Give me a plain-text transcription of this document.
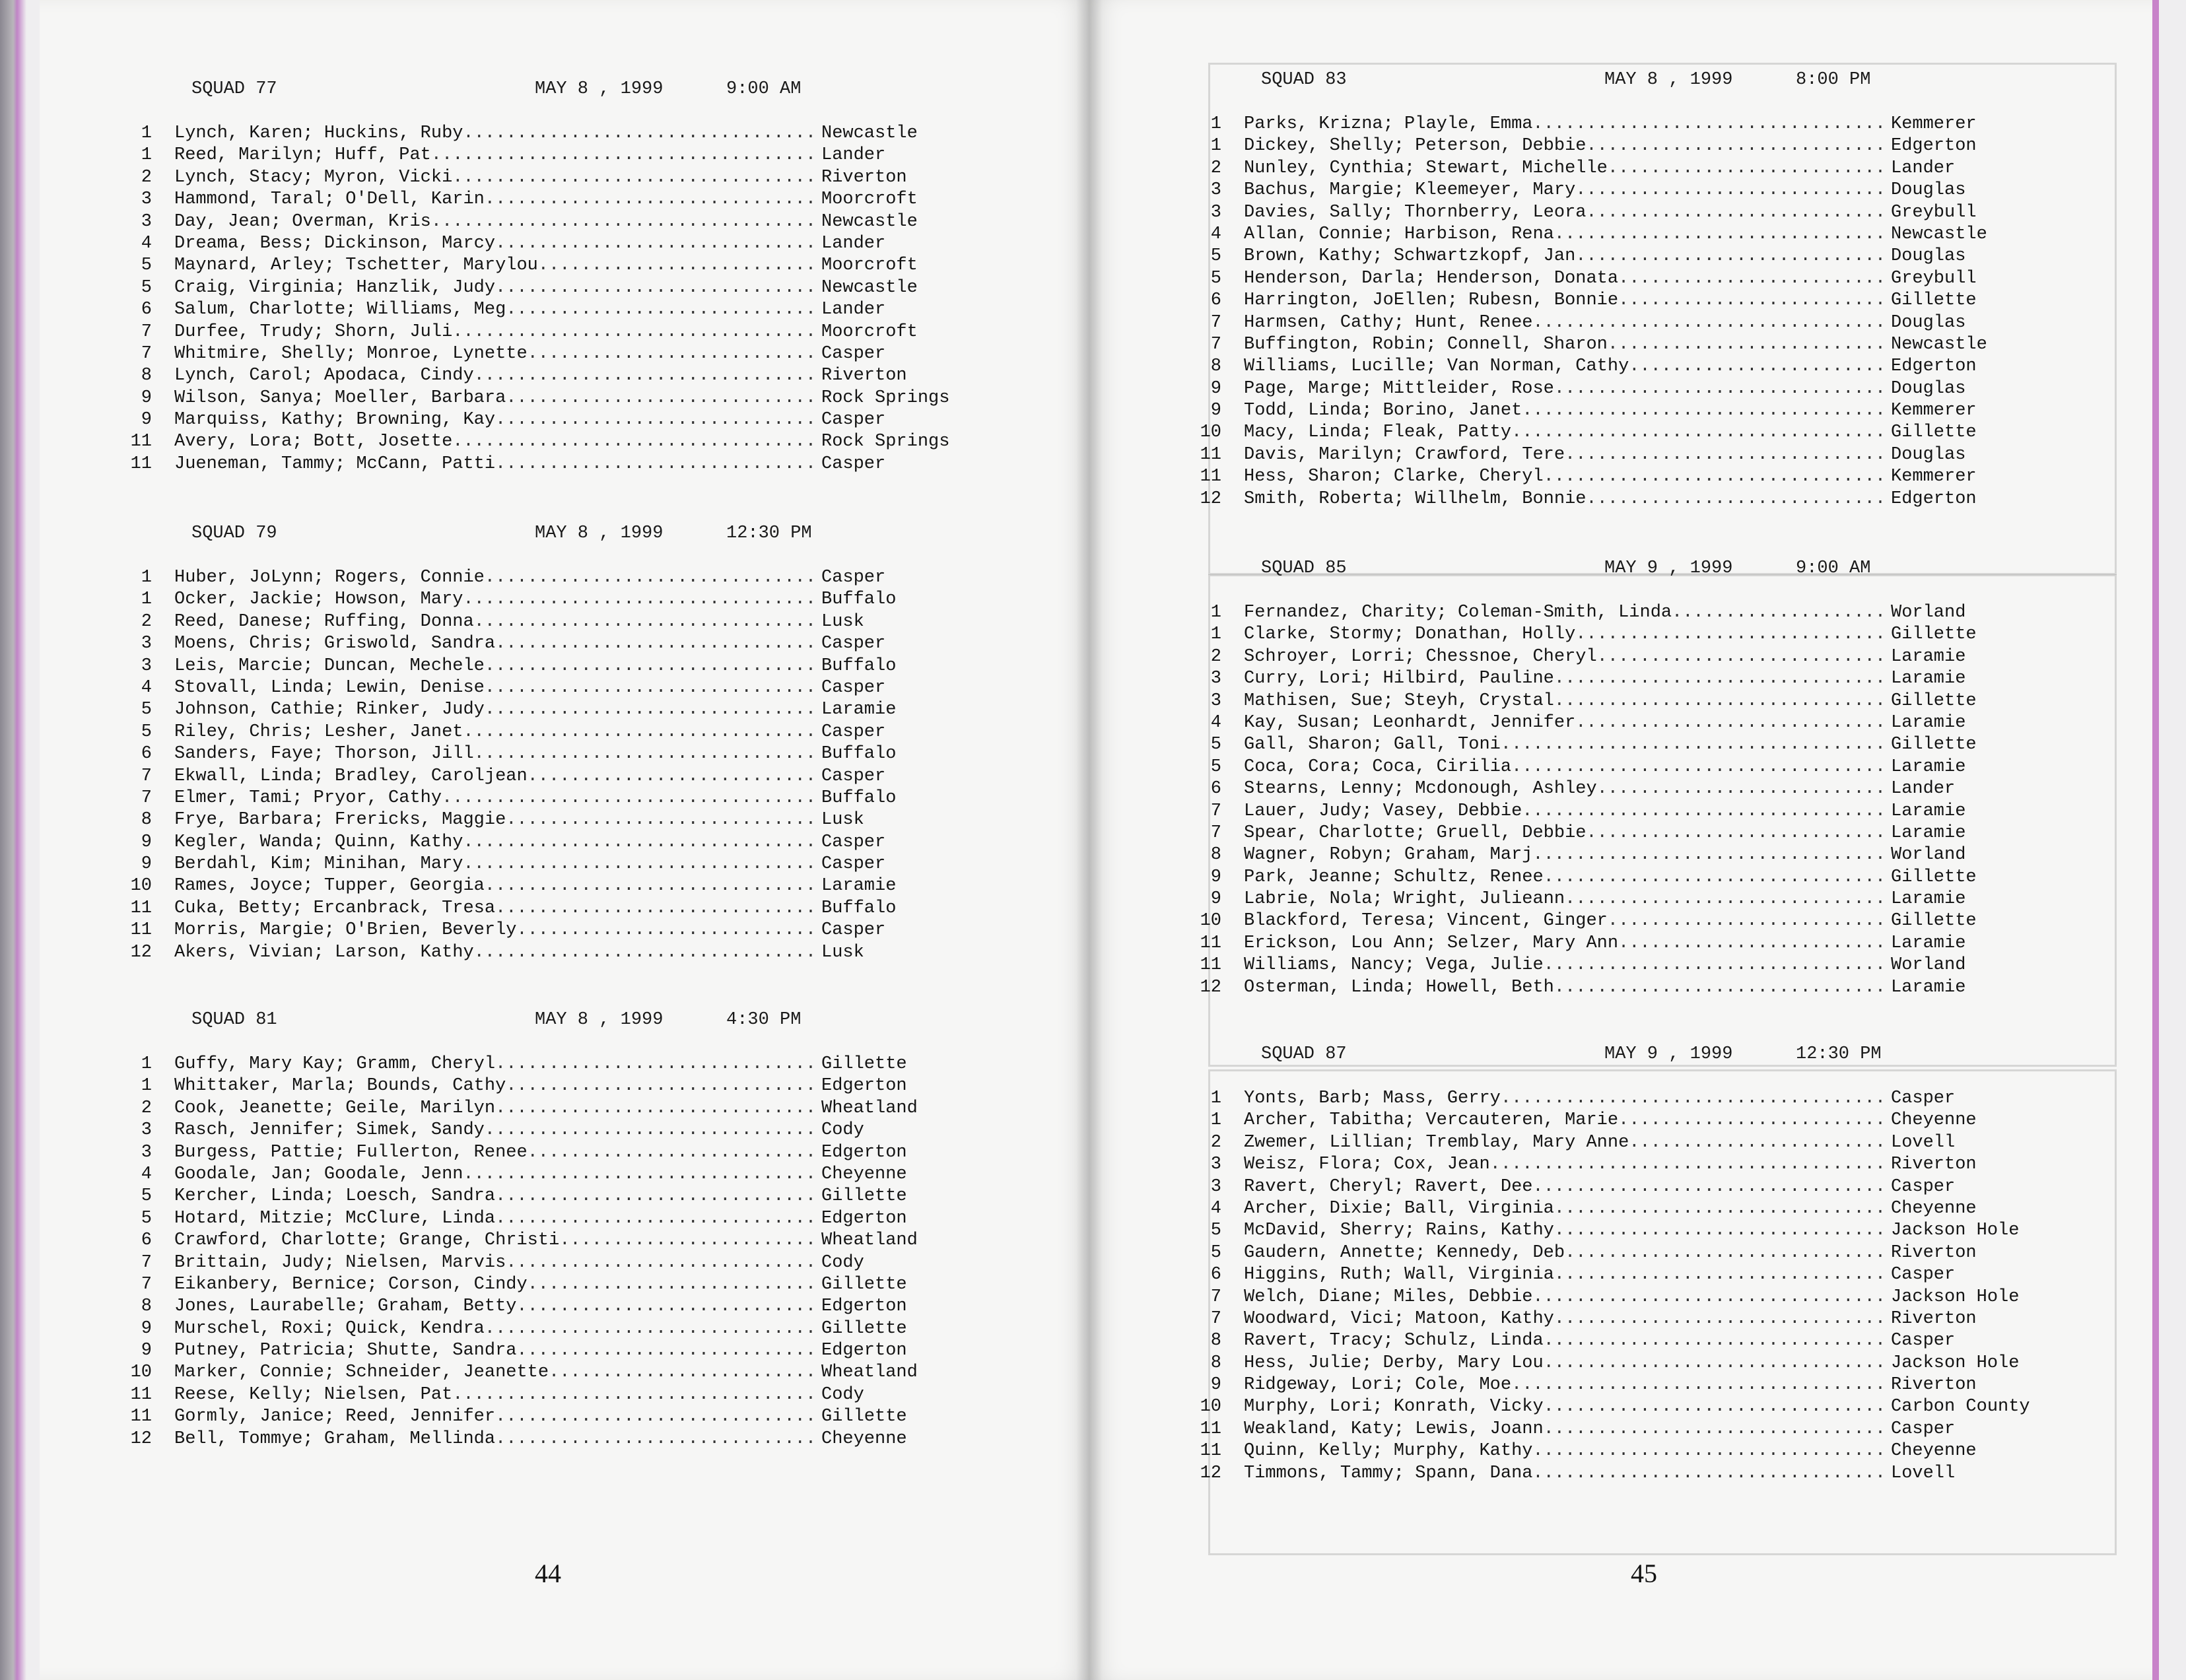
SQUAD 77	MAY 8 , 1999	9:00 AM
1 Lynch, Karen; Huckins, Ruby ................................. Newcastle
1 Reed, Marilyn; Huff, Pat .................................... Lander
2 Lynch, Stacy; Myron, Vicki .................................. Riverton
3 Hammond, Taral; O'Dell, Karin ............................... Moorcroft
3 Day, Jean; Overman, Kris .................................... Newcastle
4 Dreama, Bess; Dickinson, Marcy .............................. Lander
5 Maynard, Arley; Tschetter, Marylou .......................... Moorcroft
5 Craig, Virginia; Hanzlik, Judy .............................. Newcastle
6 Salum, Charlotte; Williams, Meg ............................. Lander
7 Durfee, Trudy; Shorn, Juli .................................. Moorcroft
7 Whitmire, Shelly; Monroe, Lynette ........................... Casper
8 Lynch, Carol; Apodaca, Cindy ................................ Riverton
9 Wilson, Sanya; Moeller, Barbara ............................. Rock Springs
9 Marquiss, Kathy; Browning, Kay .............................. Casper
11 Avery, Lora; Bott, Josette .................................. Rock Springs
11 Jueneman, Tammy; McCann, Patti .............................. Casper
SQUAD 79	MAY 8 , 1999	12:30 PM
1 Huber, JoLynn; Rogers, Connie ............................... Casper
1 Ocker, Jackie; Howson, Mary ................................. Buffalo
2 Reed, Danese; Ruffing, Donna ................................ Lusk
3 Moens, Chris; Griswold, Sandra .............................. Casper
3 Leis, Marcie; Duncan, Mechele ............................... Buffalo
4 Stovall, Linda; Lewin, Denise ............................... Casper
5 Johnson, Cathie; Rinker, Judy ............................... Laramie
5 Riley, Chris; Lesher, Janet ................................. Casper
6 Sanders, Faye; Thorson, Jill ................................ Buffalo
7 Ekwall, Linda; Bradley, Caroljean ........................... Casper
7 Elmer, Tami; Pryor, Cathy ................................... Buffalo
8 Frye, Barbara; Frericks, Maggie ............................. Lusk
9 Kegler, Wanda; Quinn, Kathy ................................. Casper
9 Berdahl, Kim; Minihan, Mary ................................. Casper
10 Rames, Joyce; Tupper, Georgia ............................... Laramie
11 Cuka, Betty; Ercanbrack, Tresa .............................. Buffalo
11 Morris, Margie; O'Brien, Beverly ............................ Casper
12 Akers, Vivian; Larson, Kathy ................................ Lusk
SQUAD 81	MAY 8 , 1999	4:30 PM
1 Guffy, Mary Kay; Gramm, Cheryl .............................. Gillette
1 Whittaker, Marla; Bounds, Cathy ............................. Edgerton
2 Cook, Jeanette; Geile, Marilyn .............................. Wheatland
3 Rasch, Jennifer; Simek, Sandy ............................... Cody
3 Burgess, Pattie; Fullerton, Renee ........................... Edgerton
4 Goodale, Jan; Goodale, Jenn ................................. Cheyenne
5 Kercher, Linda; Loesch, Sandra .............................. Gillette
5 Hotard, Mitzie; McClure, Linda .............................. Edgerton
6 Crawford, Charlotte; Grange, Christi ........................ Wheatland
7 Brittain, Judy; Nielsen, Marvis ............................. Cody
7 Eikanbery, Bernice; Corson, Cindy ........................... Gillette
8 Jones, Laurabelle; Graham, Betty ............................ Edgerton
9 Murschel, Roxi; Quick, Kendra ............................... Gillette
9 Putney, Patricia; Shutte, Sandra ............................ Edgerton
10 Marker, Connie; Schneider, Jeanette ......................... Wheatland
11 Reese, Kelly; Nielsen, Pat .................................. Cody
11 Gormly, Janice; Reed, Jennifer .............................. Gillette
12 Bell, Tommye; Graham, Mellinda .............................. Cheyenne
44
SQUAD 83	MAY 8 , 1999	8:00 PM
1 Parks, Krizna; Playle, Emma ................................. Kemmerer
1 Dickey, Shelly; Peterson, Debbie ............................ Edgerton
2 Nunley, Cynthia; Stewart, Michelle .......................... Lander
3 Bachus, Margie; Kleemeyer, Mary ............................. Douglas
3 Davies, Sally; Thornberry, Leora ............................ Greybull
4 Allan, Connie; Harbison, Rena ............................... Newcastle
5 Brown, Kathy; Schwartzkopf, Jan ............................. Douglas
5 Henderson, Darla; Henderson, Donata ......................... Greybull
6 Harrington, JoEllen; Rubesn, Bonnie ......................... Gillette
7 Harmsen, Cathy; Hunt, Renee ................................. Douglas
7 Buffington, Robin; Connell, Sharon .......................... Newcastle
8 Williams, Lucille; Van Norman, Cathy ........................ Edgerton
9 Page, Marge; Mittleider, Rose ............................... Douglas
9 Todd, Linda; Borino, Janet .................................. Kemmerer
10 Macy, Linda; Fleak, Patty ................................... Gillette
11 Davis, Marilyn; Crawford, Tere .............................. Douglas
11 Hess, Sharon; Clarke, Cheryl ................................ Kemmerer
12 Smith, Roberta; Willhelm, Bonnie ............................ Edgerton
SQUAD 85	MAY 9 , 1999	9:00 AM
1 Fernandez, Charity; Coleman-Smith, Linda .................... Worland
1 Clarke, Stormy; Donathan, Holly ............................. Gillette
2 Schroyer, Lorri; Chessnoe, Cheryl ........................... Laramie
3 Curry, Lori; Hilbird, Pauline ............................... Laramie
3 Mathisen, Sue; Steyh, Crystal ............................... Gillette
4 Kay, Susan; Leonhardt, Jennifer ............................. Laramie
5 Gall, Sharon; Gall, Toni .................................... Gillette
5 Coca, Cora; Coca, Cirilia ................................... Laramie
6 Stearns, Lenny; Mcdonough, Ashley ........................... Lander
7 Lauer, Judy; Vasey, Debbie .................................. Laramie
7 Spear, Charlotte; Gruell, Debbie ............................ Laramie
8 Wagner, Robyn; Graham, Marj ................................. Worland
9 Park, Jeanne; Schultz, Renee ................................ Gillette
9 Labrie, Nola; Wright, Julieann .............................. Laramie
10 Blackford, Teresa; Vincent, Ginger .......................... Gillette
11 Erickson, Lou Ann; Selzer, Mary Ann ......................... Laramie
11 Williams, Nancy; Vega, Julie ................................ Worland
12 Osterman, Linda; Howell, Beth ............................... Laramie
SQUAD 87	MAY 9 , 1999	12:30 PM
1 Yonts, Barb; Mass, Gerry .................................... Casper
1 Archer, Tabitha; Vercauteren, Marie ......................... Cheyenne
2 Zwemer, Lillian; Tremblay, Mary Anne ........................ Lovell
3 Weisz, Flora; Cox, Jean ..................................... Riverton
3 Ravert, Cheryl; Ravert, Dee ................................. Casper
4 Archer, Dixie; Ball, Virginia ............................... Cheyenne
5 McDavid, Sherry; Rains, Kathy ............................... Jackson Hole
5 Gaudern, Annette; Kennedy, Deb .............................. Riverton
6 Higgins, Ruth; Wall, Virginia ............................... Casper
7 Welch, Diane; Miles, Debbie ................................. Jackson Hole
7 Woodward, Vici; Matoon, Kathy ............................... Riverton
8 Ravert, Tracy; Schulz, Linda ................................ Casper
8 Hess, Julie; Derby, Mary Lou ................................ Jackson Hole
9 Ridgeway, Lori; Cole, Moe ................................... Riverton
10 Murphy, Lori; Konrath, Vicky ................................ Carbon County
11 Weakland, Katy; Lewis, Joann ................................ Casper
11 Quinn, Kelly; Murphy, Kathy ................................. Cheyenne
12 Timmons, Tammy; Spann, Dana ................................. Lovell
45
